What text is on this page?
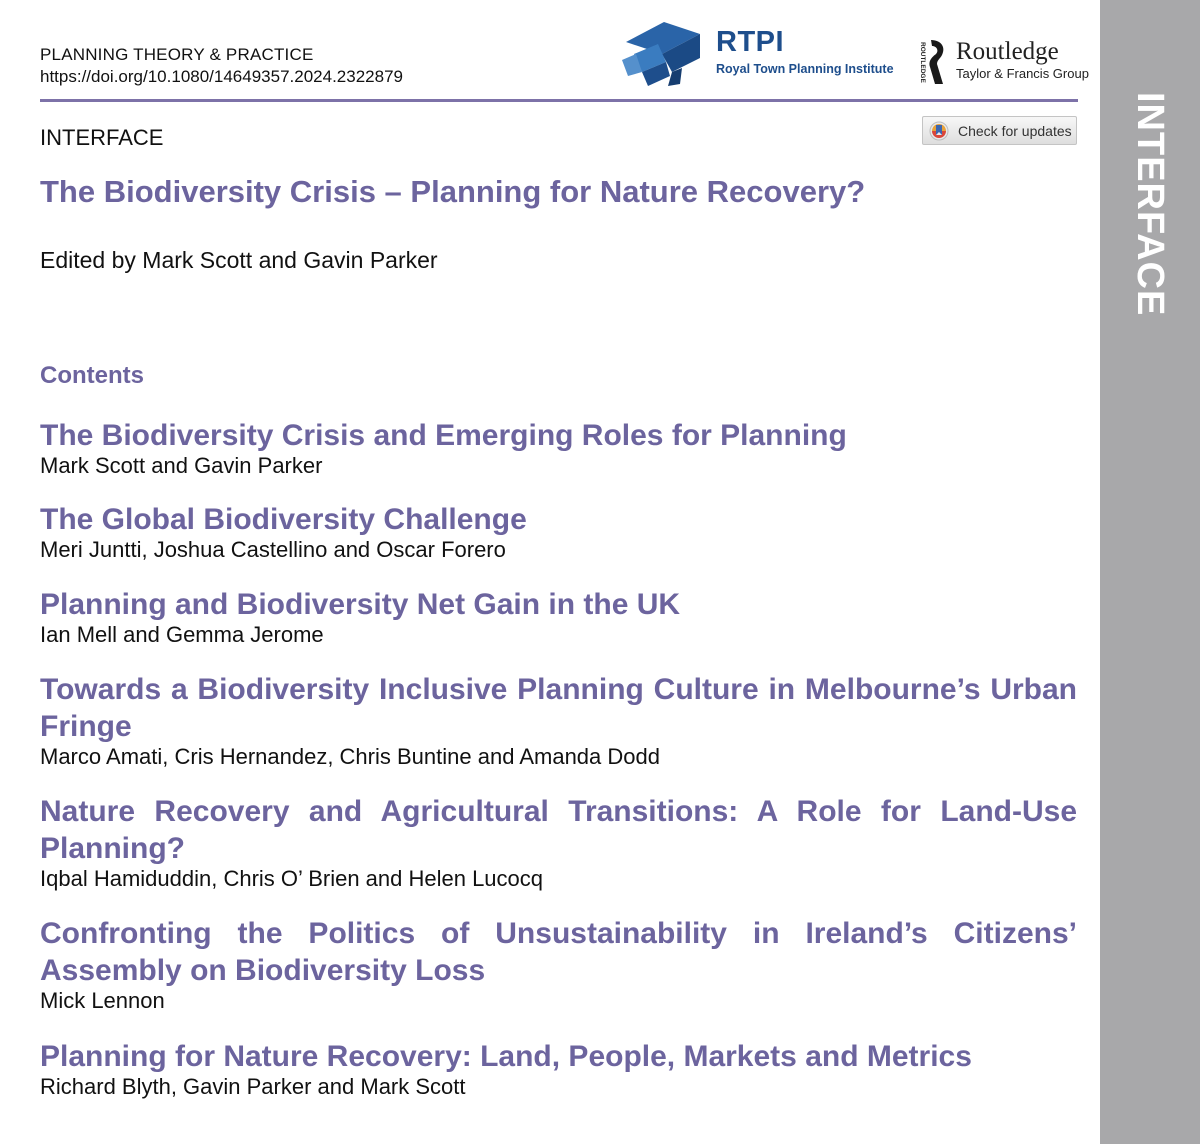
INTERFACE
PLANNING THEORY & PRACTICE
https://doi.org/10.1080/14649357.2024.2322879
RTPI
Royal Town Planning Institute	ROUTLEDGE Routledge
Taylor & Francis Group
INTERFACE	Check for updates
The Biodiversity Crisis – Planning for Nature Recovery?
Edited by Mark Scott and Gavin Parker
Contents
The Biodiversity Crisis and Emerging Roles for Planning
Mark Scott and Gavin Parker
The Global Biodiversity Challenge
Meri Juntti, Joshua Castellino and Oscar Forero
Planning and Biodiversity Net Gain in the UK
Ian Mell and Gemma Jerome
Towards a Biodiversity Inclusive Planning Culture in Melbourne’s Urban Fringe
Marco Amati, Cris Hernandez, Chris Buntine and Amanda Dodd
Nature Recovery and Agricultural Transitions: A Role for Land-Use Planning?
Iqbal Hamiduddin, Chris O’ Brien and Helen Lucocq
Confronting the Politics of Unsustainability in Ireland’s Citizens’ Assembly on Biodiversity Loss
Mick Lennon
Planning for Nature Recovery: Land, People, Markets and Metrics
Richard Blyth, Gavin Parker and Mark Scott
